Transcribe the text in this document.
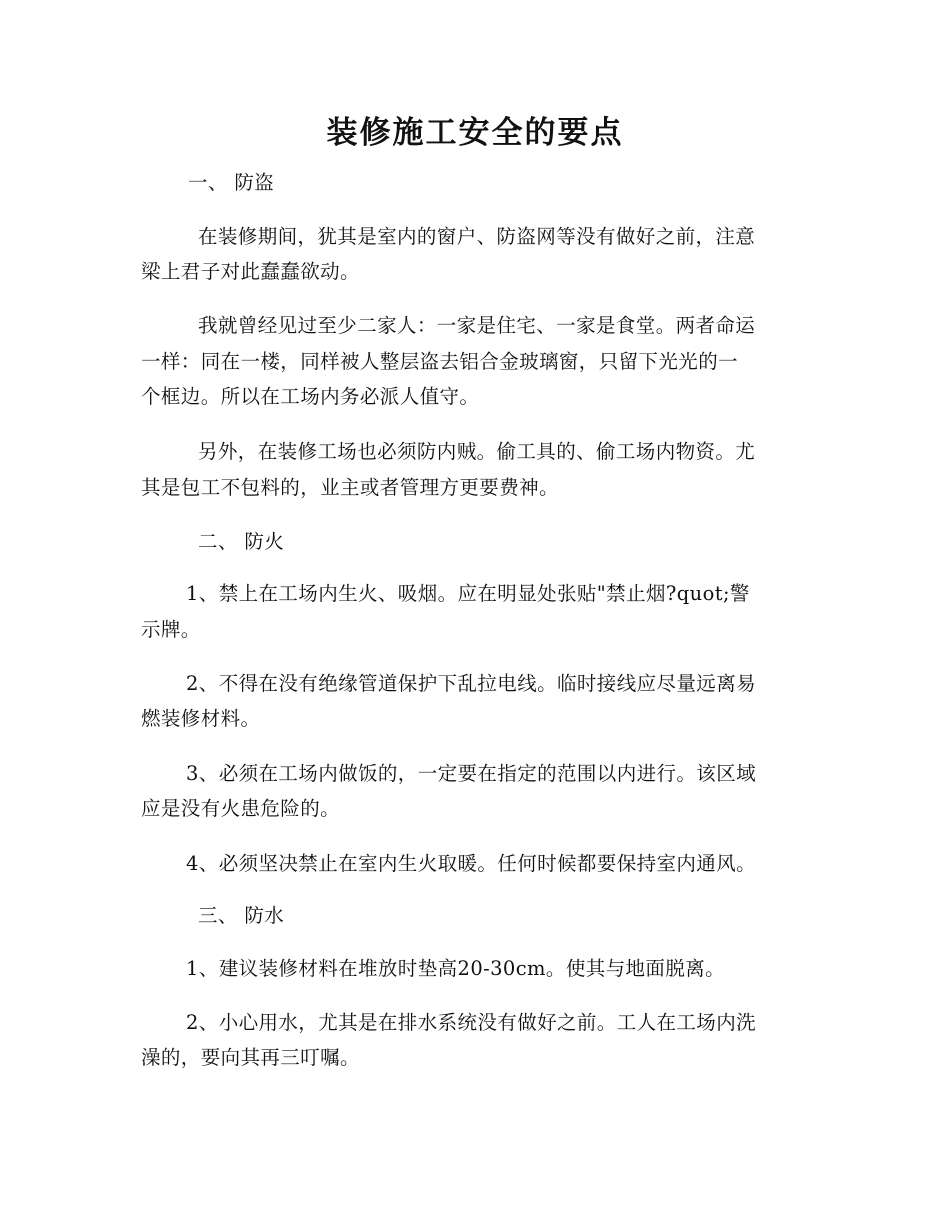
装修施工安全的要点
一、 防盗
在装修期间，犹其是室内的窗户、防盗网等没有做好之前，注意
梁上君子对此蠢蠢欲动。
我就曾经见过至少二家人：一家是住宅、一家是食堂。两者命运
一样：同在一楼，同样被人整层盗去铝合金玻璃窗，只留下光光的一
个框边。所以在工场内务必派人值守。
另外，在装修工场也必须防内贼。偷工具的、偷工场内物资。尤
其是包工不包料的，业主或者管理方更要费神。
二、 防火
1、禁上在工场内生火、吸烟。应在明显处张贴"禁止烟?quot;警
示牌。
2、不得在没有绝缘管道保护下乱拉电线。临时接线应尽量远离易
燃装修材料。
3、必须在工场内做饭的，一定要在指定的范围以内进行。该区域
应是没有火患危险的。
4、必须坚决禁止在室内生火取暖。任何时候都要保持室内通风。
三、 防水
1、建议装修材料在堆放时垫高20-30cm。使其与地面脱离。
2、小心用水，尤其是在排水系统没有做好之前。工人在工场内洗
澡的，要向其再三叮嘱。
